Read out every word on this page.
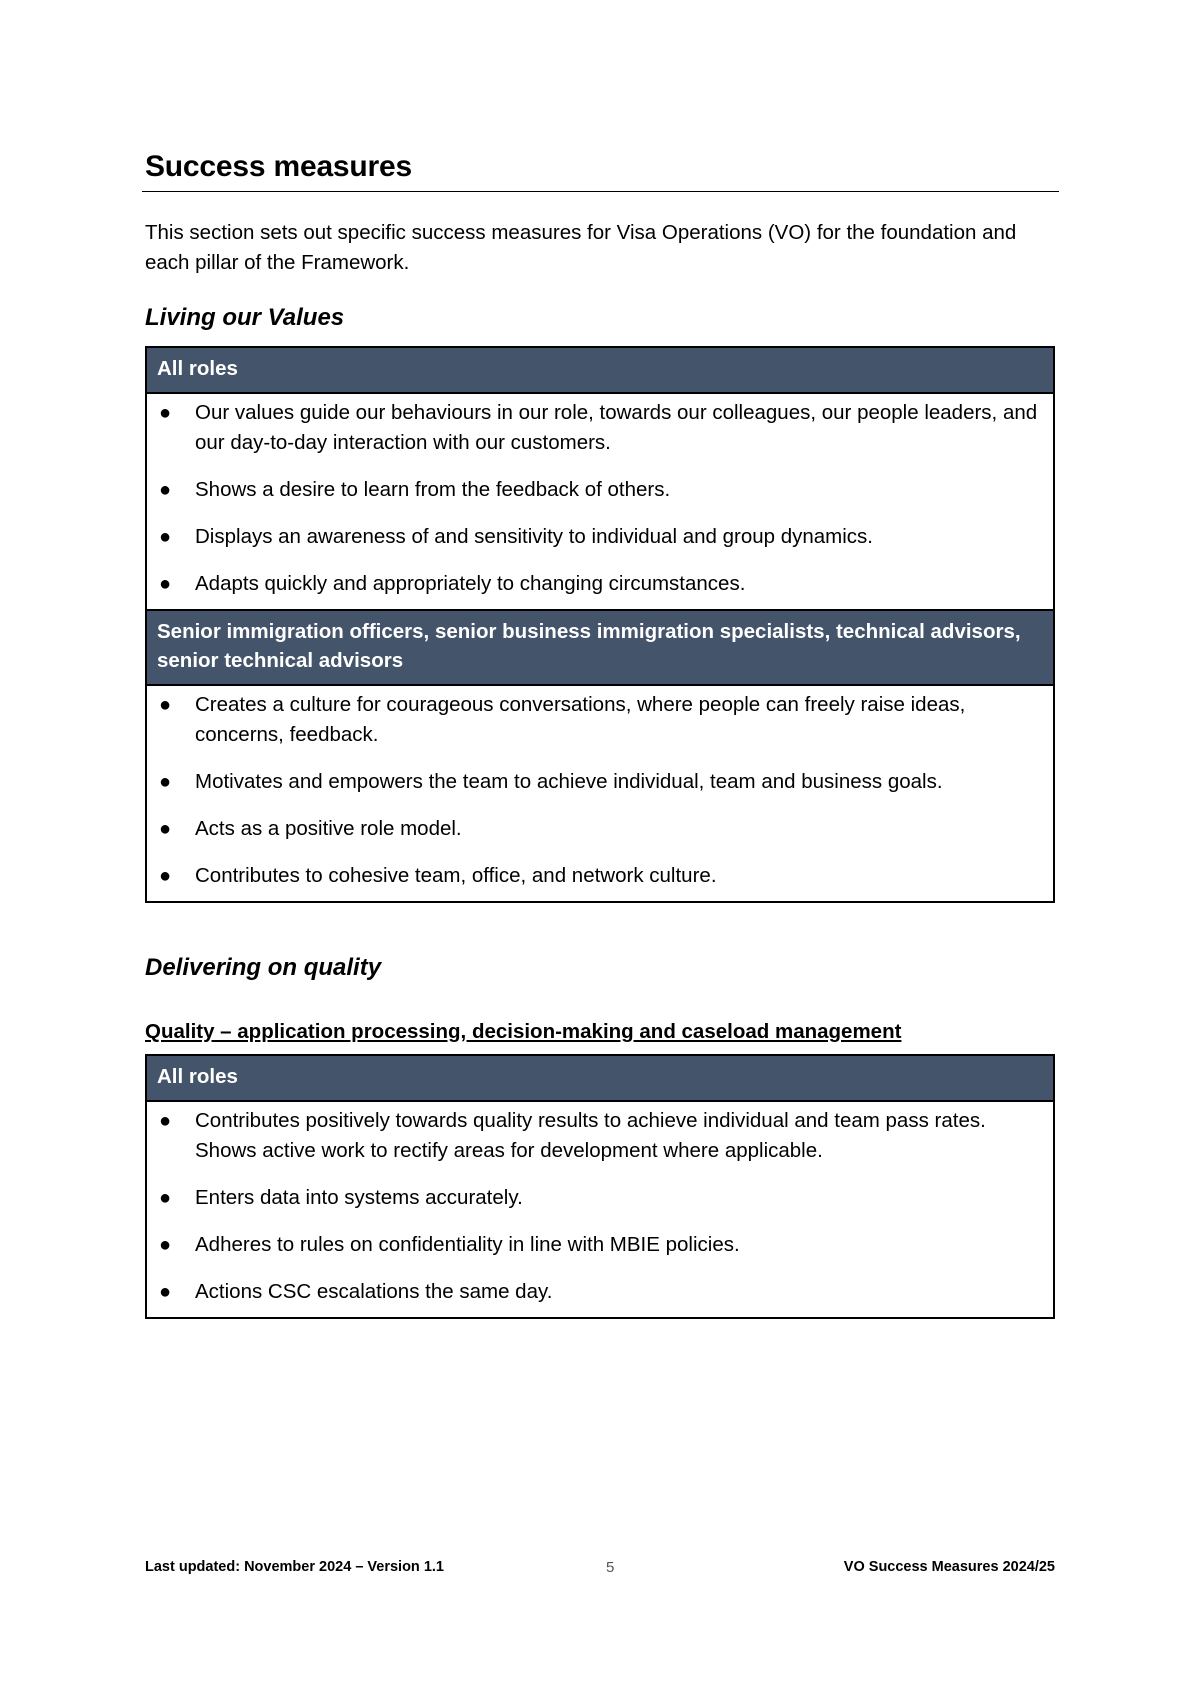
Success measures

This section sets out specific success measures for Visa Operations (VO) for the foundation and each pillar of the Framework.

Living our Values
All roles
● Our values guide our behaviours in our role, towards our colleagues, our people leaders, and our day-to-day interaction with our customers.
● Shows a desire to learn from the feedback of others.
● Displays an awareness of and sensitivity to individual and group dynamics.
● Adapts quickly and appropriately to changing circumstances.
Senior immigration officers, senior business immigration specialists, technical advisors, senior technical advisors
● Creates a culture for courageous conversations, where people can freely raise ideas, concerns, feedback.
● Motivates and empowers the team to achieve individual, team and business goals.
● Acts as a positive role model.
● Contributes to cohesive team, office, and network culture.
Delivering on quality
Quality – application processing, decision-making and caseload management
All roles
● Contributes positively towards quality results to achieve individual and team pass rates. Shows active work to rectify areas for development where applicable.
● Enters data into systems accurately.
● Adheres to rules on confidentiality in line with MBIE policies.
● Actions CSC escalations the same day.
Last updated: November 2024 – Version 1.1	5	VO Success Measures 2024/25
